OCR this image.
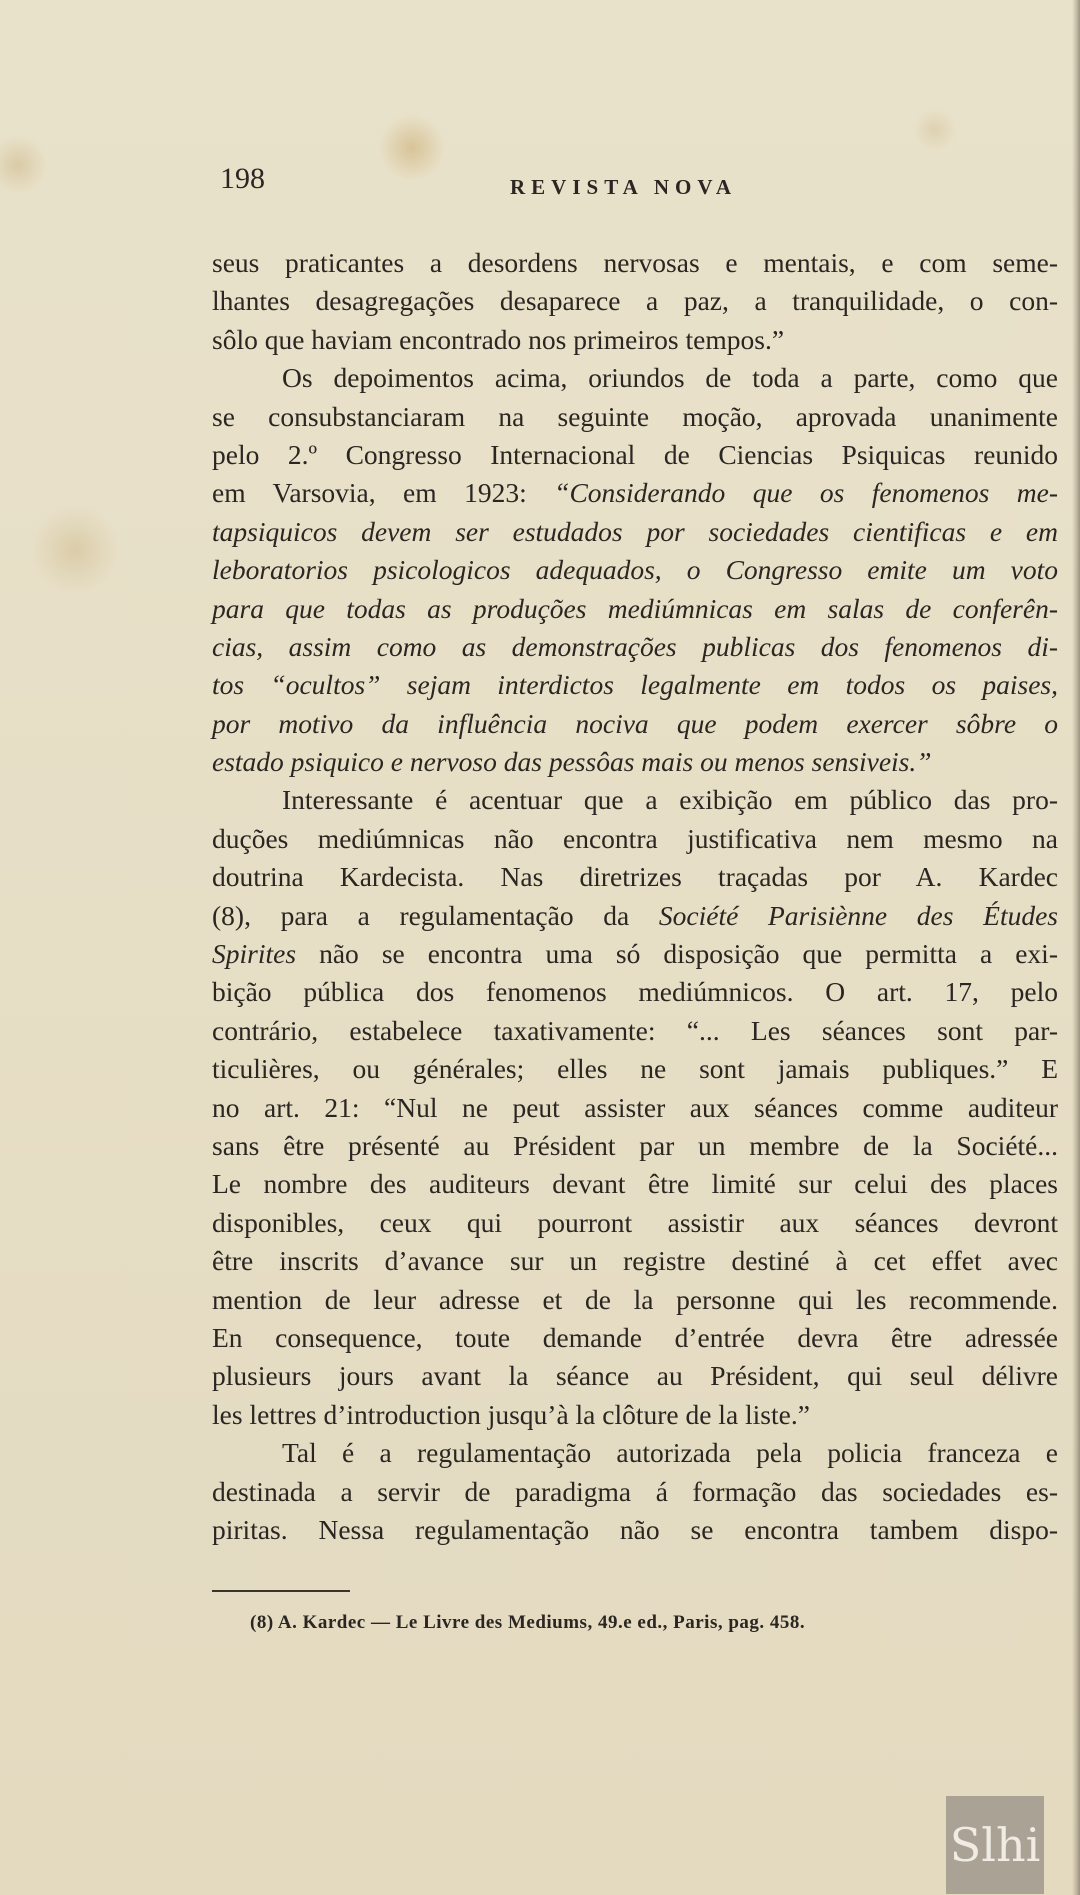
198	REVISTA NOVA
seus praticantes a desordens nervosas e mentais, e com seme-
lhantes desagregações desaparece a paz, a tranquilidade, o con-
sôlo que haviam encontrado nos primeiros tempos.”
Os depoimentos acima, oriundos de toda a parte, como que
se consubstanciaram na seguinte moção, aprovada unanimente
pelo 2.º Congresso Internacional de Ciencias Psiquicas reunido
em Varsovia, em 1923: “Considerando que os fenomenos me-
tapsiquicos devem ser estudados por sociedades cientificas e em
leboratorios psicologicos adequados, o Congresso emite um voto
para que todas as produções mediúmnicas em salas de conferên-
cias, assim como as demonstrações publicas dos fenomenos di-
tos “ocultos” sejam interdictos legalmente em todos os paises,
por motivo da influência nociva que podem exercer sôbre o
estado psiquico e nervoso das pessôas mais ou menos sensiveis.”
Interessante é acentuar que a exibição em público das pro-
duções mediúmnicas não encontra justificativa nem mesmo na
doutrina Kardecista. Nas diretrizes traçadas por A. Kardec
(8), para a regulamentação da Société Parisiènne des Études
Spirites não se encontra uma só disposição que permitta a exi-
bição pública dos fenomenos mediúmnicos. O art. 17, pelo
contrário, estabelece taxativamente: “... Les séances sont par-
ticulières, ou générales; elles ne sont jamais publiques.” E
no art. 21: “Nul ne peut assister aux séances comme auditeur
sans être présenté au Président par un membre de la Société...
Le nombre des auditeurs devant être limité sur celui des places
disponibles, ceux qui pourront assistir aux séances devront
être inscrits d’avance sur un registre destiné à cet effet avec
mention de leur adresse et de la personne qui les recommende.
En consequence, toute demande d’entrée devra être adressée
plusieurs jours avant la séance au Président, qui seul délivre
les lettres d’introduction jusqu’à la clôture de la liste.”
Tal é a regulamentação autorizada pela policia franceza e
destinada a servir de paradigma á formação das sociedades es-
piritas. Nessa regulamentação não se encontra tambem dispo-
(8) A. Kardec — Le Livre des Mediums, 49.e ed., Paris, pag. 458.
Slhi
